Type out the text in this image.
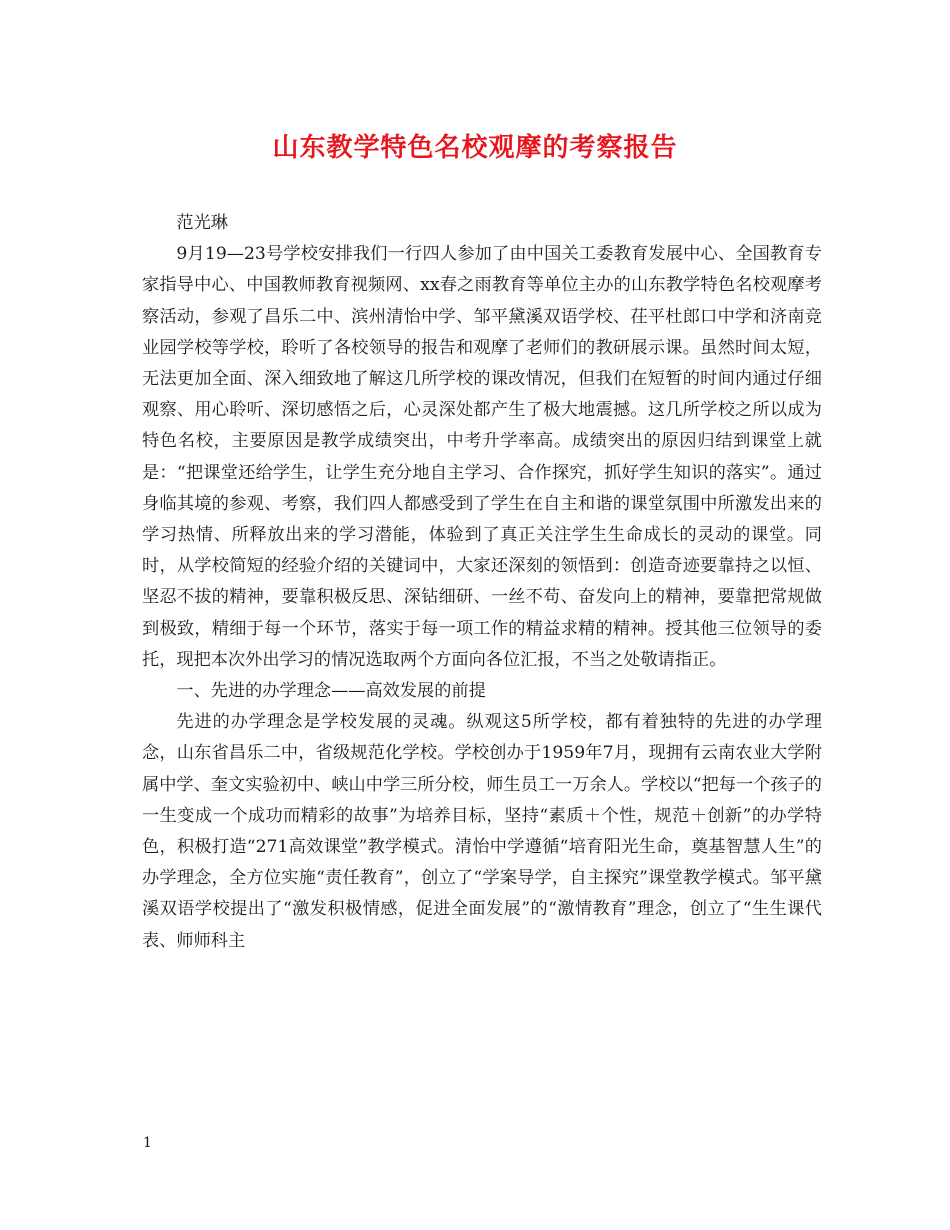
山东教学特色名校观摩的考察报告

范光琳

9月19—23号学校安排我们一行四人参加了由中国关工委教育发展中心、全国教育专家指导中心、中国教师教育视频网、xx春之雨教育等单位主办的山东教学特色名校观摩考察活动，参观了昌乐二中、滨州清怡中学、邹平黛溪双语学校、茌平杜郎口中学和济南竞业园学校等学校，聆听了各校领导的报告和观摩了老师们的教研展示课。虽然时间太短，无法更加全面、深入细致地了解这几所学校的课改情况，但我们在短暂的时间内通过仔细观察、用心聆听、深切感悟之后，心灵深处都产生了极大地震撼。这几所学校之所以成为特色名校，主要原因是教学成绩突出，中考升学率高。成绩突出的原因归结到课堂上就是：“把课堂还给学生，让学生充分地自主学习、合作探究，抓好学生知识的落实”。通过身临其境的参观、考察，我们四人都感受到了学生在自主和谐的课堂氛围中所激发出来的学习热情、所释放出来的学习潜能，体验到了真正关注学生生命成长的灵动的课堂。同时，从学校简短的经验介绍的关键词中，大家还深刻的领悟到：创造奇迹要靠持之以恒、坚忍不拔的精神，要靠积极反思、深钻细研、一丝不苟、奋发向上的精神，要靠把常规做到极致，精细于每一个环节，落实于每一项工作的精益求精的精神。授其他三位领导的委托，现把本次外出学习的情况选取两个方面向各位汇报，不当之处敬请指正。

一、先进的办学理念——高效发展的前提

先进的办学理念是学校发展的灵魂。纵观这5所学校，都有着独特的先进的办学理念，山东省昌乐二中，省级规范化学校。学校创办于1959年7月，现拥有云南农业大学附属中学、奎文实验初中、峡山中学三所分校，师生员工一万余人。学校以“把每一个孩子的一生变成一个成功而精彩的故事”为培养目标，坚持“素质＋个性，规范＋创新”的办学特色，积极打造“271高效课堂”教学模式。清怡中学遵循“培育阳光生命，奠基智慧人生”的办学理念，全方位实施“责任教育”，创立了“学案导学，自主探究”课堂教学模式。邹平黛溪双语学校提出了“激发积极情感，促进全面发展”的“激情教育”理念，创立了“生生课代表、师师科主

1
